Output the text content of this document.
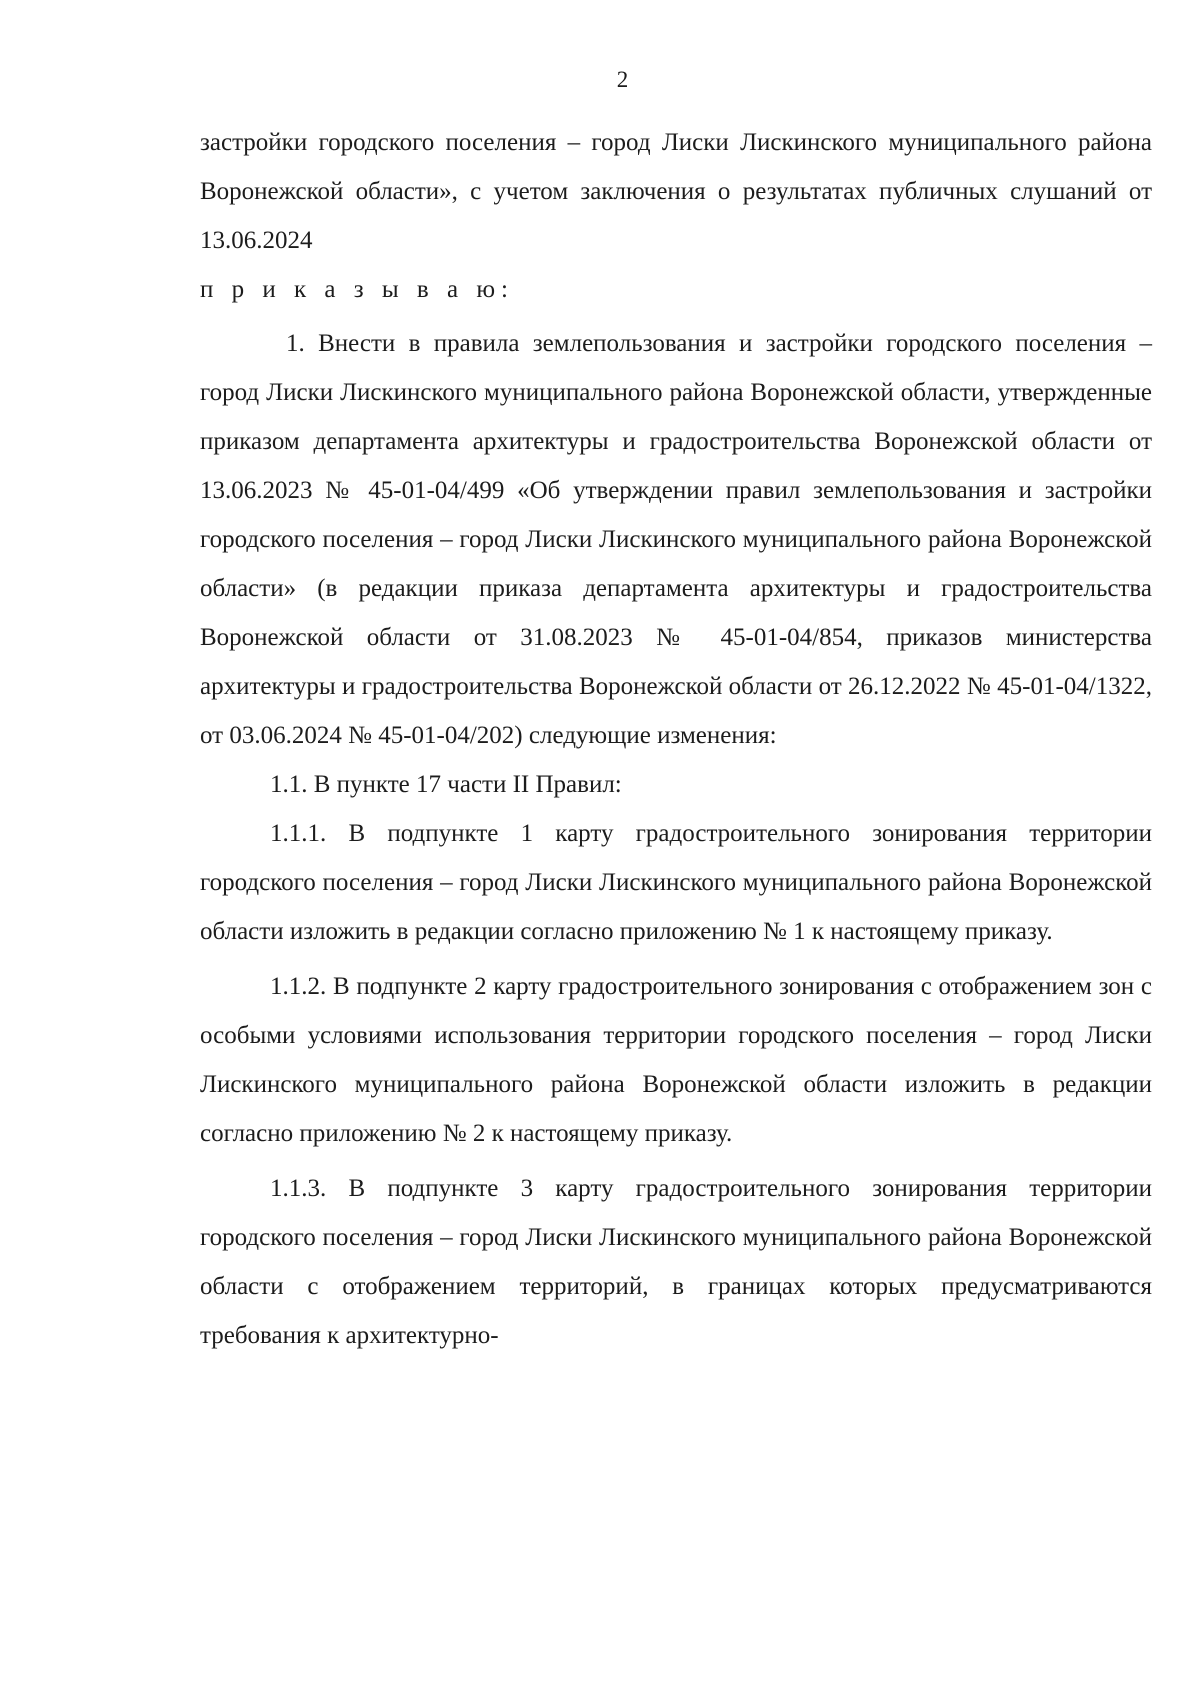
2

застройки городского поселения – город Лиски Лискинского муниципального района Воронежской области», с учетом заключения о результатах публичных слушаний от 13.06.2024

п р и к а з ы в а ю:

1. Внести в правила землепользования и застройки городского поселения – город Лиски Лискинского муниципального района Воронежской области, утвержденные приказом департамента архитектуры и градостроительства Воронежской области от 13.06.2023 № 45-01-04/499 «Об утверждении правил землепользования и застройки городского поселения – город Лиски Лискинского муниципального района Воронежской области» (в редакции приказа департамента архитектуры и градостроительства Воронежской области от 31.08.2023 № 45-01-04/854, приказов министерства архитектуры и градостроительства Воронежской области от 26.12.2022 № 45-01-04/1322, от 03.06.2024 № 45-01-04/202) следующие изменения:

1.1. В пункте 17 части II Правил:

1.1.1. В подпункте 1 карту градостроительного зонирования территории городского поселения – город Лиски Лискинского муниципального района Воронежской области изложить в редакции согласно приложению № 1 к настоящему приказу.

1.1.2. В подпункте 2 карту градостроительного зонирования с отображением зон с особыми условиями использования территории городского поселения – город Лиски Лискинского муниципального района Воронежской области изложить в редакции согласно приложению № 2 к настоящему приказу.

1.1.3. В подпункте 3 карту градостроительного зонирования территории городского поселения – город Лиски Лискинского муниципального района Воронежской области с отображением территорий, в границах которых предусматриваются требования к архитектурно-
